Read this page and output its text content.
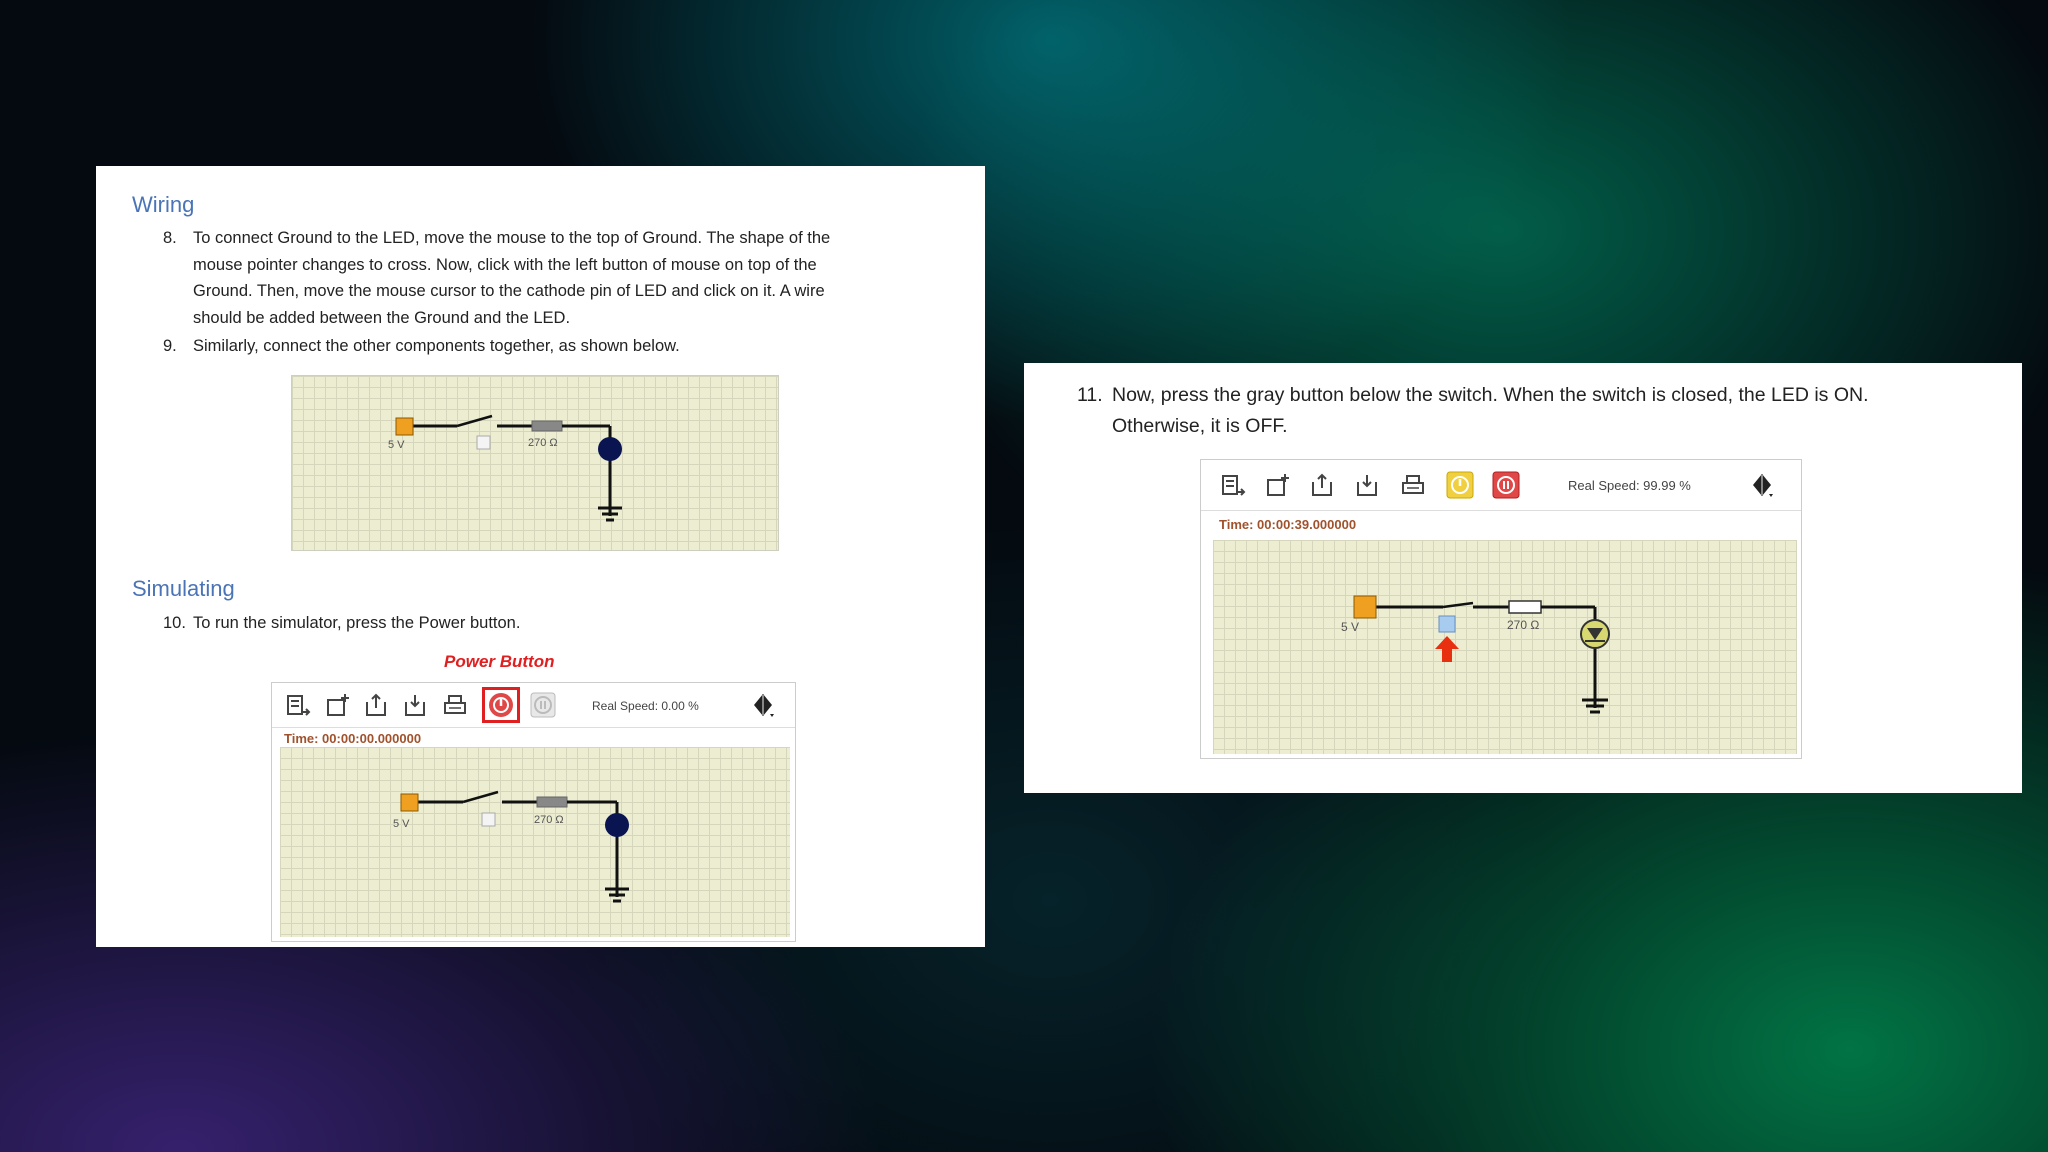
Wiring
8. To connect Ground to the LED, move the mouse to the top of Ground. The shape of the
mouse pointer changes to cross. Now, click with the left button of mouse on top of the
Ground. Then, move the mouse cursor to the cathode pin of LED and click on it. A wire
should be added between the Ground and the LED.
9. Similarly, connect the other components together, as shown below.
5 V	270 Ω
Simulating
10. To run the simulator, press the Power button.
Power Button
Real Speed: 0.00 %
Time: 00:00:00.000000
5 V	270 Ω
11. Now, press the gray button below the switch. When the switch is closed, the LED is ON.
Otherwise, it is OFF.
Real Speed: 99.99 %
Time: 00:00:39.000000
5 V	270 Ω
